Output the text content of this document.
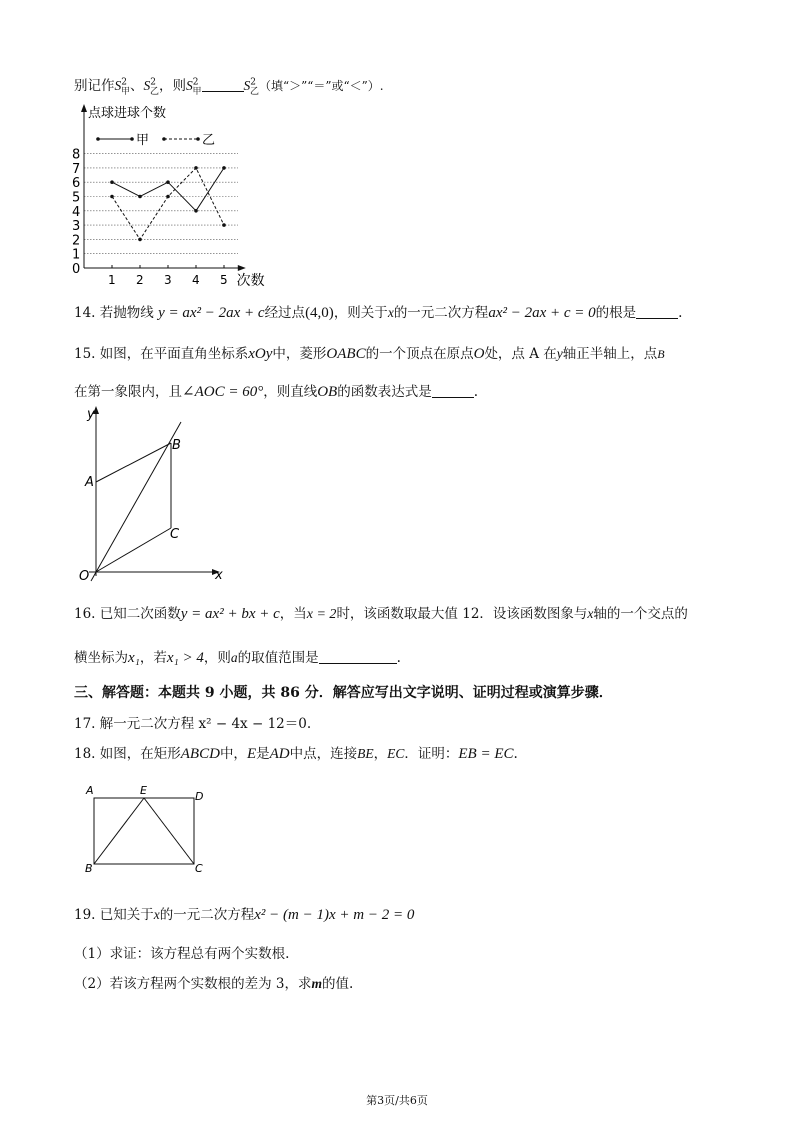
别记作$S^2_甲$、$S^2_乙$，则$S^2_甲$	$S^2_乙$（填“＞”“＝”或“＜”）.
0
1
2
3
4
5
6
7
8
1 2 3 4 5
点球进球个数
次数
甲	乙
14. 若抛物线 y = ax² − 2ax + c经过点(4,0)，则关于x的一元二次方程ax² − 2ax + c = 0的根是	.
15. 如图，在平面直角坐标系xOy中，菱形OABC的一个顶点在原点O处，点 A 在y轴正半轴上，点B
在第一象限内，且∠AOC = 60°，则直线OB的函数表达式是	.
y
A
B
C
O	x
16. 已知二次函数y = ax² + bx + c，当x = 2时，该函数取最大值 12．设该函数图象与x轴的一个交点的
横坐标为x₁，若x₁ > 4，则a的取值范围是	.
三、解答题：本题共 9 小题，共 86 分．解答应写出文字说明、证明过程或演算步骤．
17. 解一元二次方程 x² − 4x − 12＝0.
18. 如图，在矩形ABCD中，E是AD中点，连接BE，EC．证明：EB = EC.
A	E	D
B	C
19. 已知关于x的一元二次方程x² − (m − 1)x + m − 2 = 0
（1）求证：该方程总有两个实数根.
（2）若该方程两个实数根的差为 3，求m的值.
第3页/共6页
